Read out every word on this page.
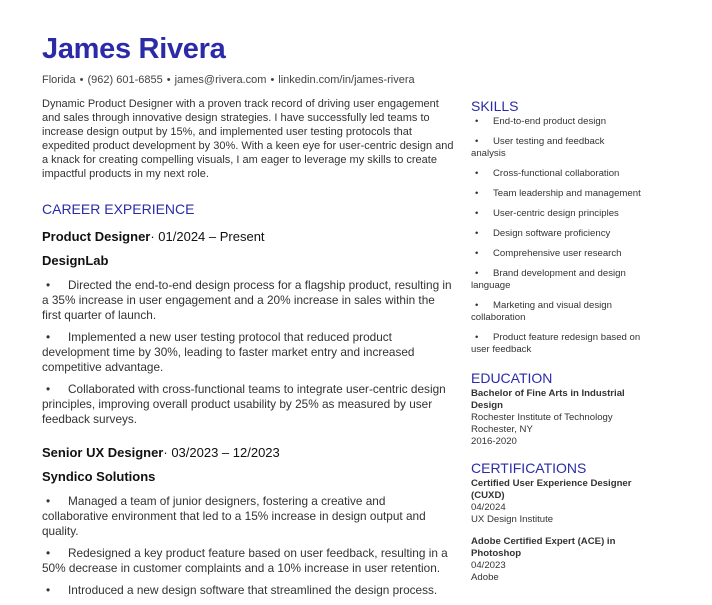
James Rivera
Florida • (962) 601-6855 • james@rivera.com • linkedin.com/in/james-rivera

Dynamic Product Designer with a proven track record of driving user engagement and sales through innovative design strategies. I have successfully led teams to increase design output by 15%, and implemented user testing protocols that expedited product development by 30%. With a keen eye for user-centric design and a knack for creating compelling visuals, I am eager to leverage my skills to create impactful products in my next role.

CAREER EXPERIENCE
Product Designer· 01/2024 – Present
DesignLab
• Directed the end-to-end design process for a flagship product, resulting in a 35% increase in user engagement and a 20% increase in sales within the first quarter of launch.
• Implemented a new user testing protocol that reduced product development time by 30%, leading to faster market entry and increased competitive advantage.
• Collaborated with cross-functional teams to integrate user-centric design principles, improving overall product usability by 25% as measured by user feedback surveys.
Senior UX Designer· 03/2023 – 12/2023
Syndico Solutions
• Managed a team of junior designers, fostering a creative and collaborative environment that led to a 15% increase in design output and quality.
• Redesigned a key product feature based on user feedback, resulting in a 50% decrease in customer complaints and a 10% increase in user retention.
• Introduced a new design software that streamlined the design process.
SKILLS
• End-to-end product design
• User testing and feedback analysis
• Cross-functional collaboration
• Team leadership and management
• User-centric design principles
• Design software proficiency
• Comprehensive user research
• Brand development and design language
• Marketing and visual design collaboration
• Product feature redesign based on user feedback
EDUCATION
Bachelor of Fine Arts in Industrial Design
Rochester Institute of Technology
Rochester, NY
2016-2020
CERTIFICATIONS
Certified User Experience Designer (CUXD)
04/2024
UX Design Institute
Adobe Certified Expert (ACE) in Photoshop
04/2023
Adobe
